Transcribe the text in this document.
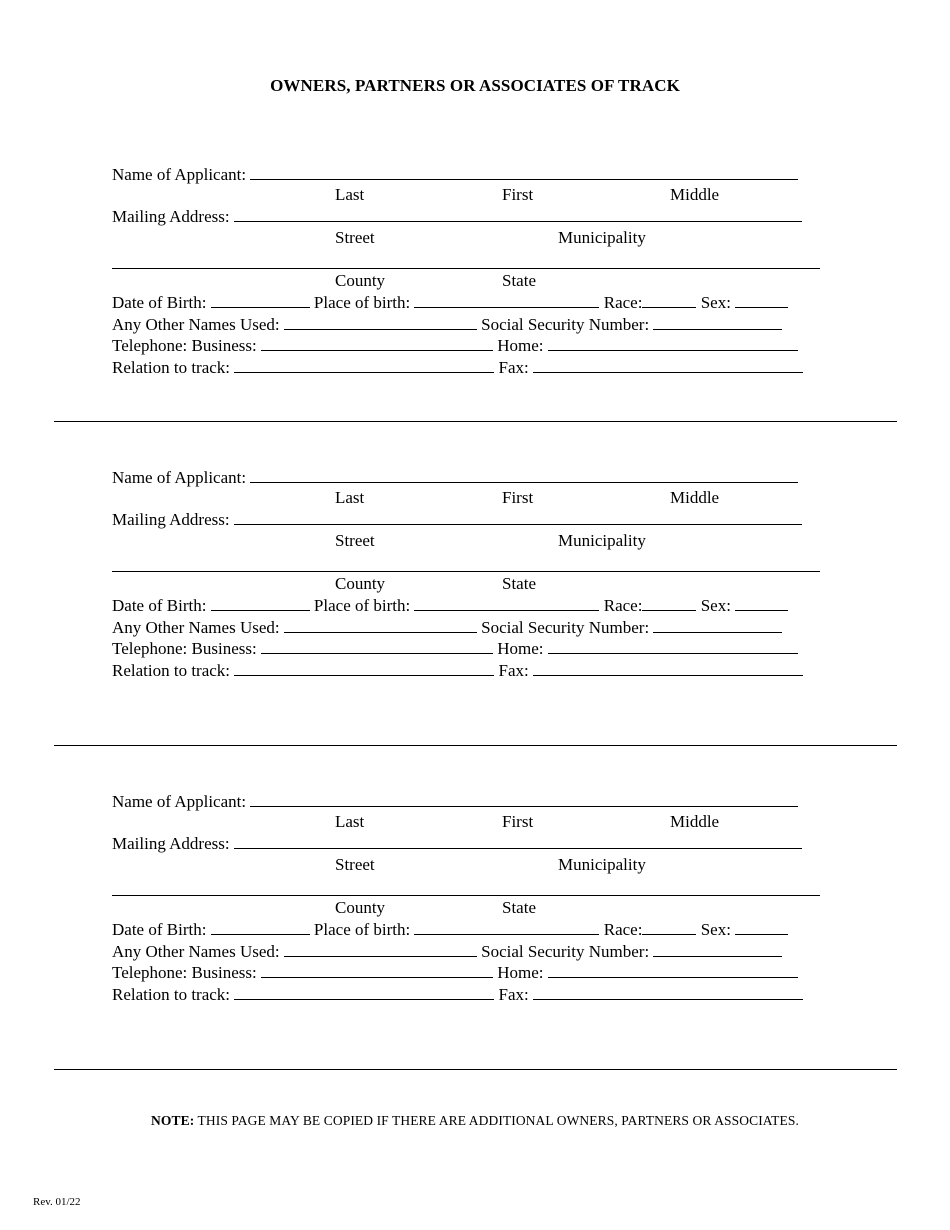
OWNERS, PARTNERS OR ASSOCIATES OF TRACK
Name of Applicant:
Last	First	Middle
Mailing Address:
Street	Municipality
County	State
Date of Birth:	Place of birth:	Race:	Sex:
Any Other Names Used:	Social Security Number:
Telephone: Business:	Home:
Relation to track:	Fax:
Name of Applicant:
Last	First	Middle
Mailing Address:
Street	Municipality
County	State
Date of Birth:	Place of birth:	Race:	Sex:
Any Other Names Used:	Social Security Number:
Telephone: Business:	Home:
Relation to track:	Fax:
Name of Applicant:
Last	First	Middle
Mailing Address:
Street	Municipality
County	State
Date of Birth:	Place of birth:	Race:	Sex:
Any Other Names Used:	Social Security Number:
Telephone: Business:	Home:
Relation to track:	Fax:
NOTE: THIS PAGE MAY BE COPIED IF THERE ARE ADDITIONAL OWNERS, PARTNERS OR ASSOCIATES.
Rev. 01/22
